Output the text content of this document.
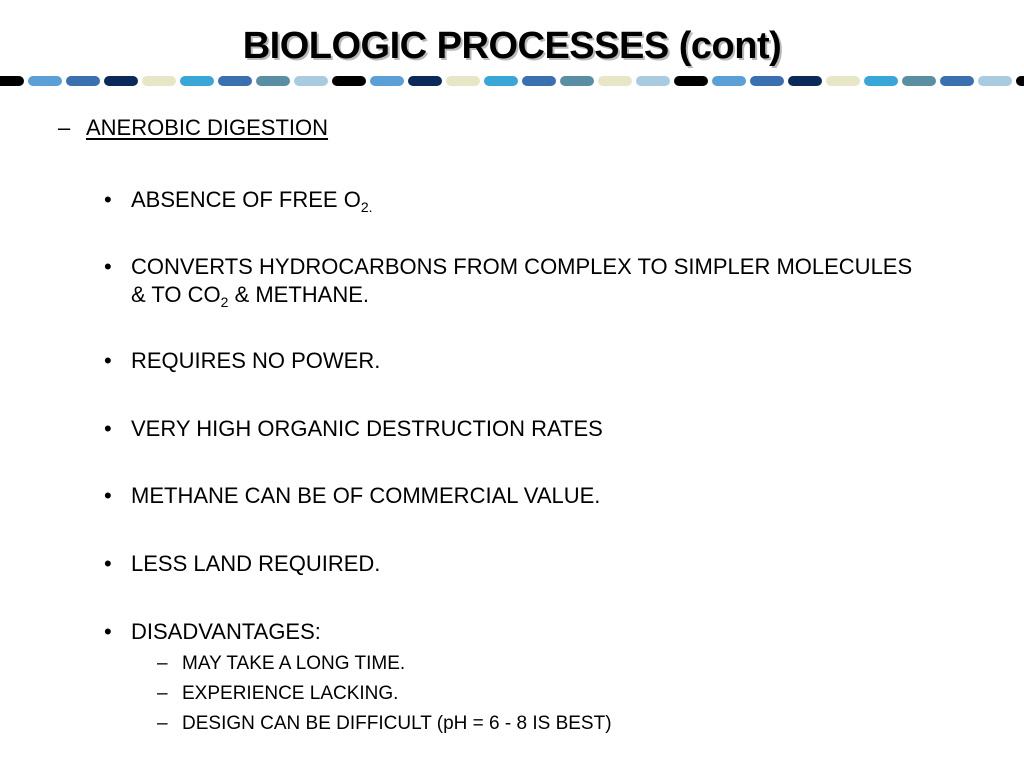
BIOLOGIC PROCESSES (cont)
– ANEROBIC DIGESTION
• ABSENCE OF FREE $O_{2.}$
• CONVERTS HYDROCARBONS FROM COMPLEX TO SIMPLER MOLECULES
& TO $CO_2$ & METHANE.
• REQUIRES NO POWER.
• VERY HIGH ORGANIC DESTRUCTION RATES
• METHANE CAN BE OF COMMERCIAL VALUE.
• LESS LAND REQUIRED.
• DISADVANTAGES:
– MAY TAKE A LONG TIME.
– EXPERIENCE LACKING.
– DESIGN CAN BE DIFFICULT (pH = 6 - 8 IS BEST)
